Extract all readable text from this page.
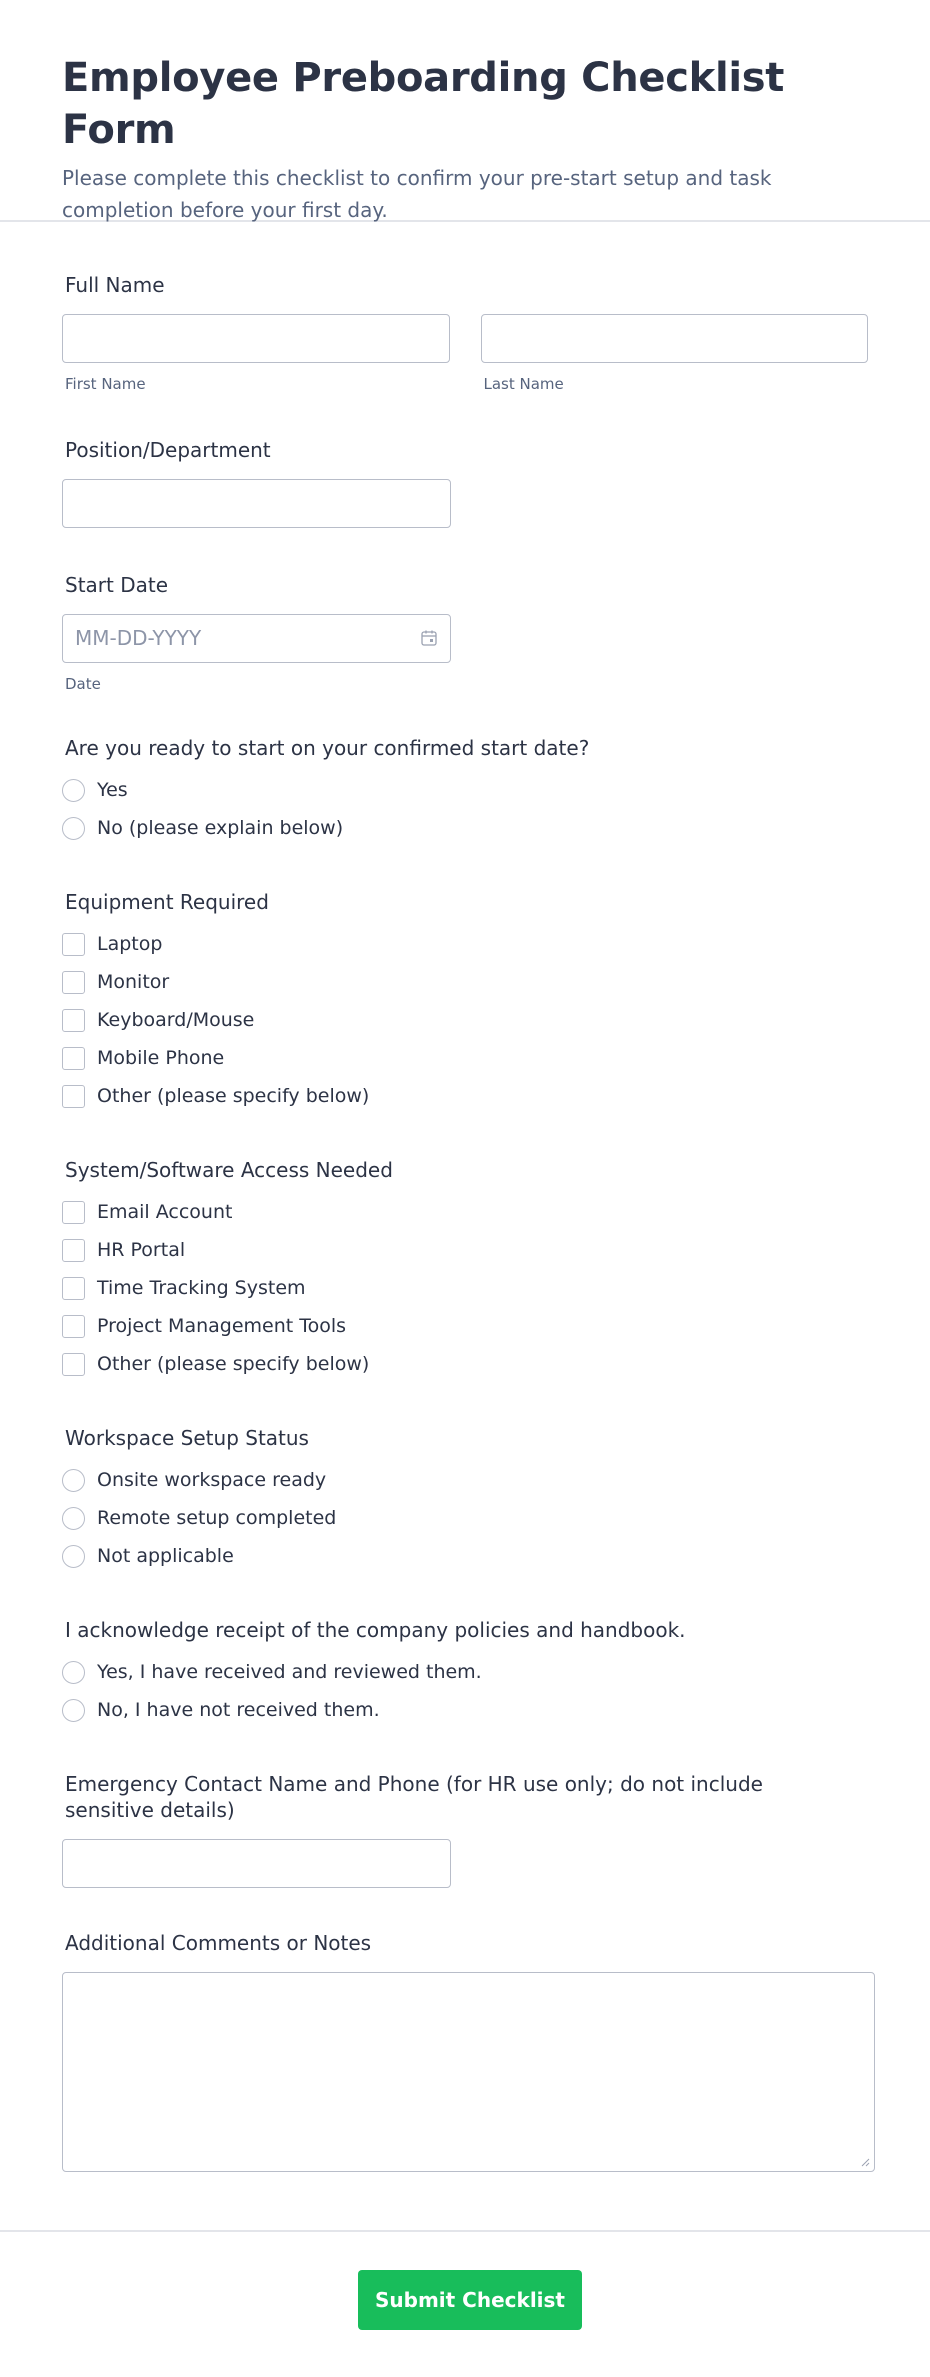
Employee Preboarding Checklist Form

Please complete this checklist to confirm your pre-start setup and task completion before your first day.

Full Name
First Name	Last Name
Position/Department
Start Date
MM-DD-YYYY
Date
Are you ready to start on your confirmed start date?
Yes
No (please explain below)
Equipment Required
Laptop
Monitor
Keyboard/Mouse
Mobile Phone
Other (please specify below)
System/Software Access Needed
Email Account
HR Portal
Time Tracking System
Project Management Tools
Other (please specify below)
Workspace Setup Status
Onsite workspace ready
Remote setup completed
Not applicable
I acknowledge receipt of the company policies and handbook.
Yes, I have received and reviewed them.
No, I have not received them.
Emergency Contact Name and Phone (for HR use only; do not include sensitive details)
Additional Comments or Notes
Submit Checklist
